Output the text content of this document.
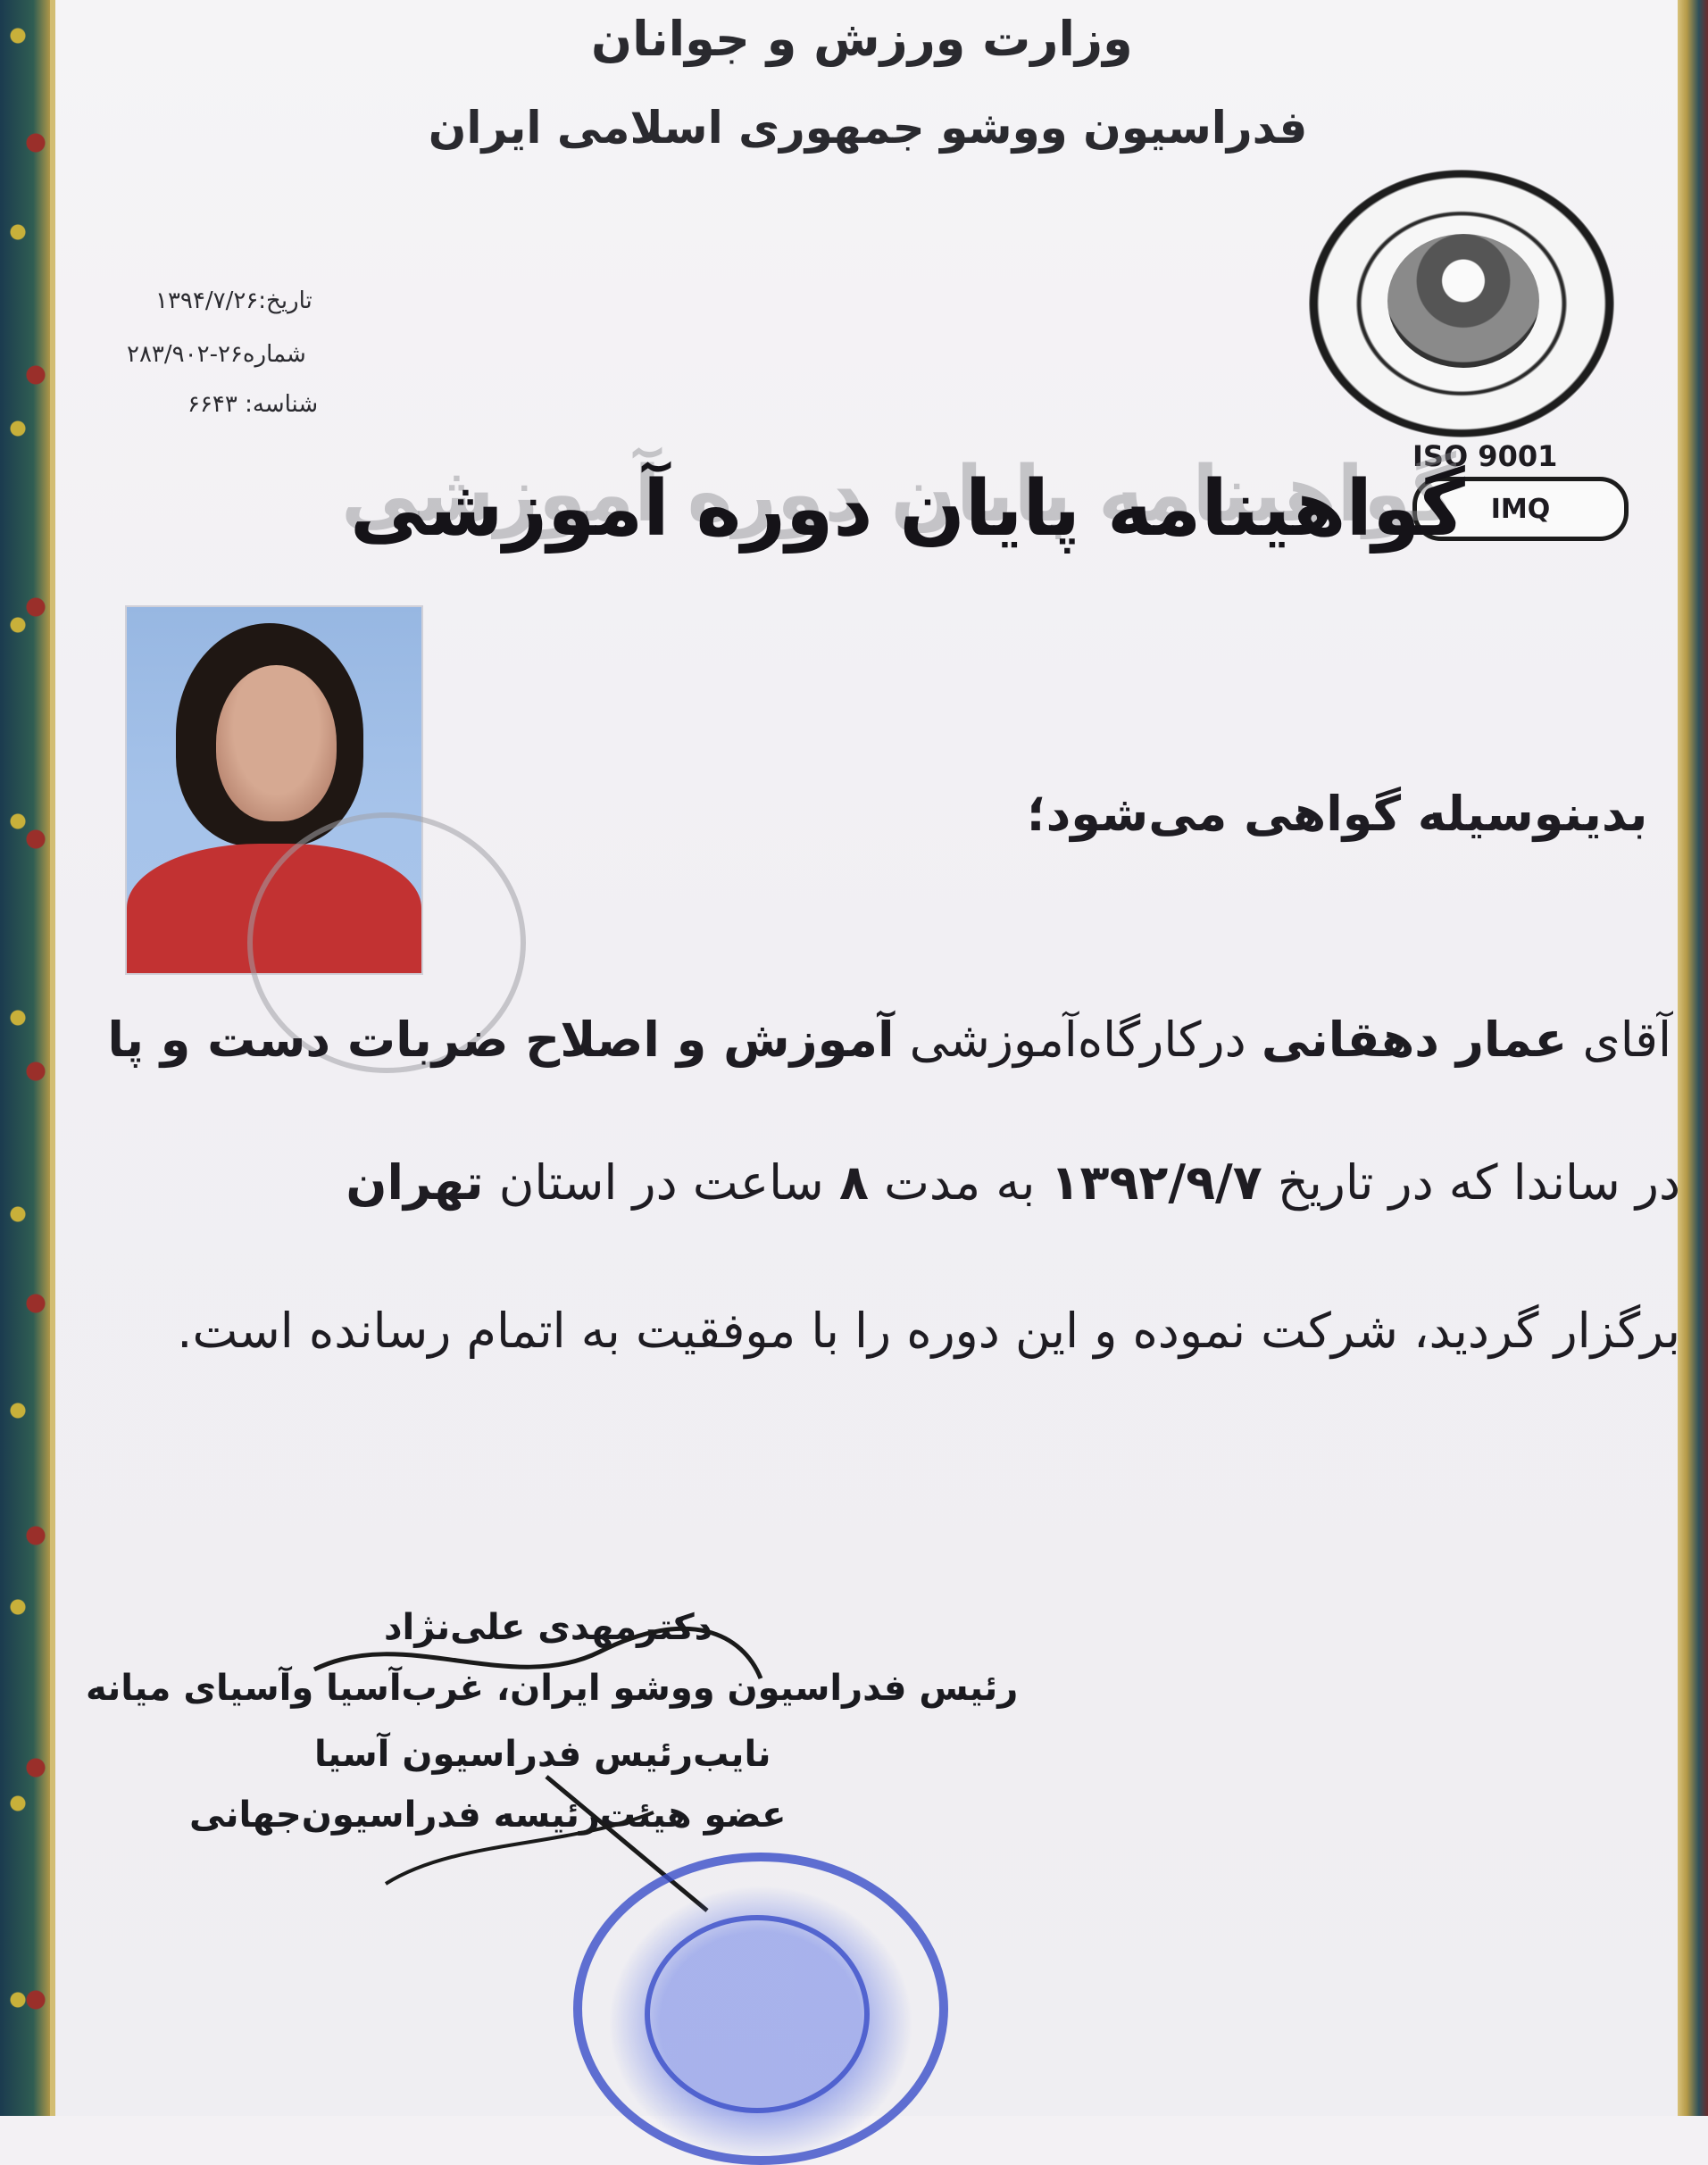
وزارت ورزش و جوانان
فدراسیون ووشو جمهوری اسلامی ایران
تاریخ:۱۳۹۴/۷/۲۶
شماره۲۶-۲۸۳/۹۰۲
شناسه: ۶۶۴۳
ISO 9001
IMQ
گواهینامه پایان دوره آموزشی
بدینوسیله گواهی می‌شود؛
آقای عمار دهقانی درکارگاه‌آموزشی آموزش و اصلاح ضربات دست و پا
در ساندا که در تاریخ ۱۳۹۲/۹/۷ به مدت ۸ ساعت در استان تهران
برگزار گردید، شرکت نموده و این دوره را با موفقیت به اتمام رسانده است.
دکترمهدی علی‌نژاد
رئیس فدراسیون ووشو ایران، غرب‌آسیا وآسیای میانه
نایب‌رئیس فدراسیون آسیا
عضو هیئت‌رئیسه فدراسیون‌جهانی
